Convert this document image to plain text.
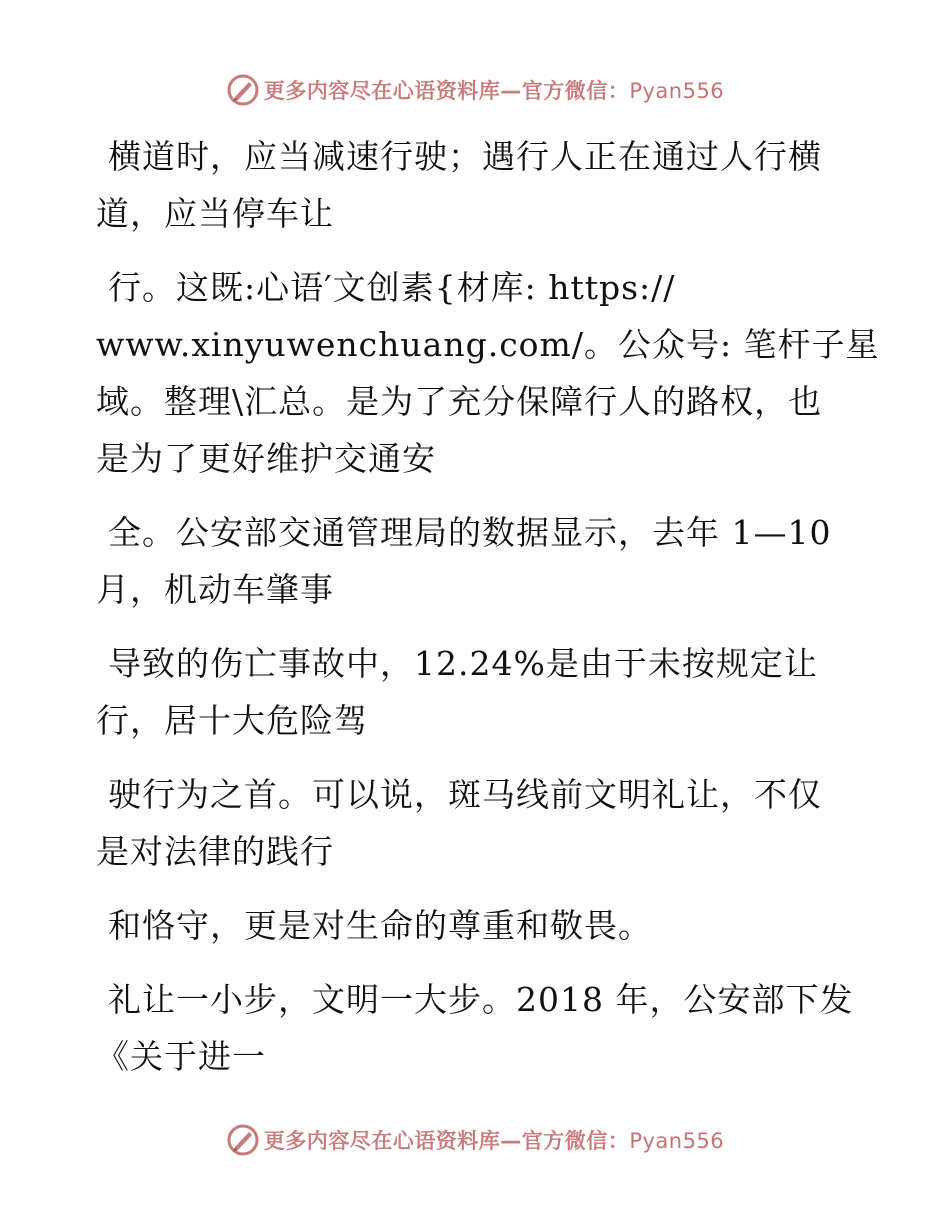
更多内容尽在心语资料库—官方微信：Pyan556
横道时，应当减速行驶；遇行人正在通过人行横
道，应当停车让
行。这既:心语′文创素{材库: https://
www.xinyuwenchuang.com/。公众号: 笔杆子星
域。整理\汇总。是为了充分保障行人的路权，也
是为了更好维护交通安
全。公安部交通管理局的数据显示，去年 1—10
月，机动车肇事
导致的伤亡事故中，12.24%是由于未按规定让
行，居十大危险驾
驶行为之首。可以说，斑马线前文明礼让，不仅
是对法律的践行
和恪守，更是对生命的尊重和敬畏。
礼让一小步，文明一大步。2018 年，公安部下发
《关于进一
更多内容尽在心语资料库—官方微信：Pyan556
